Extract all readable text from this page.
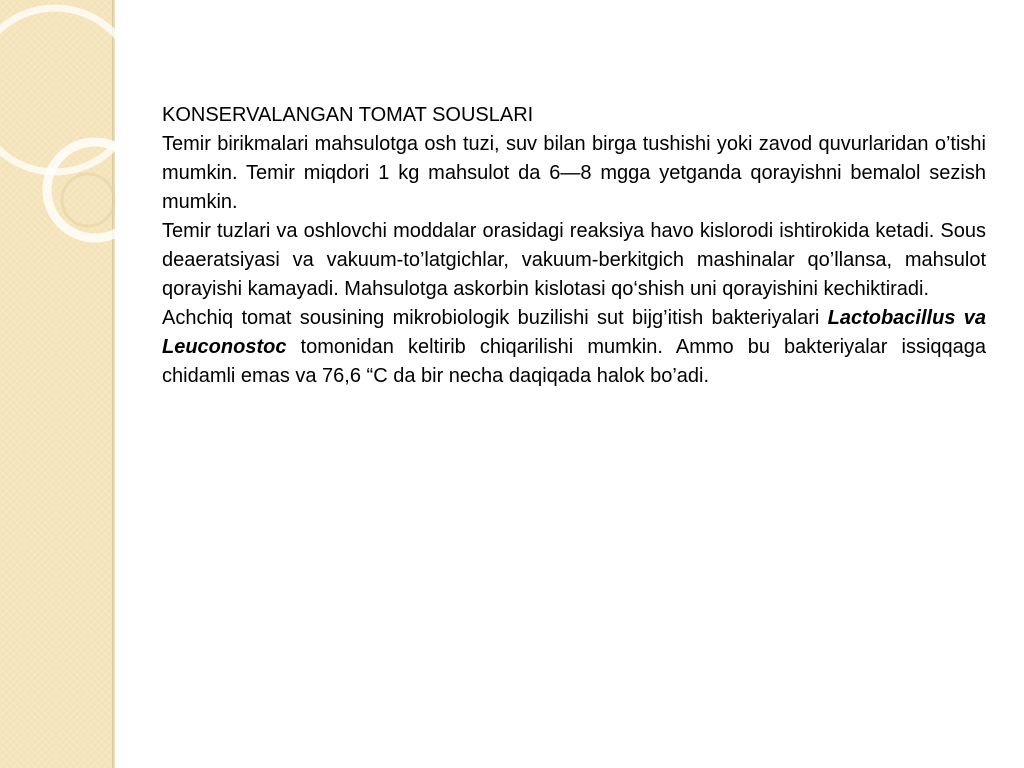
KONSERVALANGAN TOMAT SOUSLARI

Temir birikmalari mahsulotga osh tuzi, suv bilan birga tushishi yoki zavod quvurlaridan o’tishi mumkin. Temir miqdori 1 kg mahsulot da 6—8 mgga yetganda qorayishni bemalol sezish mumkin.

Temir tuzlari va oshlovchi moddalar orasidagi reaksiya havo kislorodi ishtirokida ketadi. Sous deaeratsiyasi va vakuum-to’latgichlar, vakuum-berkitgich mashinalar qo’llansa, mahsulot qorayishi kamayadi. Mahsulotga askorbin kislotasi qo‘shish uni qorayishini kechiktiradi.

Achchiq tomat sousining mikrobiologik buzilishi sut bijg’itish bakteriyalari Lactobacillus va Leuconostoc tomonidan keltirib chiqarilishi mumkin. Ammo bu bakteriyalar issiqqaga chidamli emas va 76,6 “C da bir necha daqiqada halok bo’adi.
